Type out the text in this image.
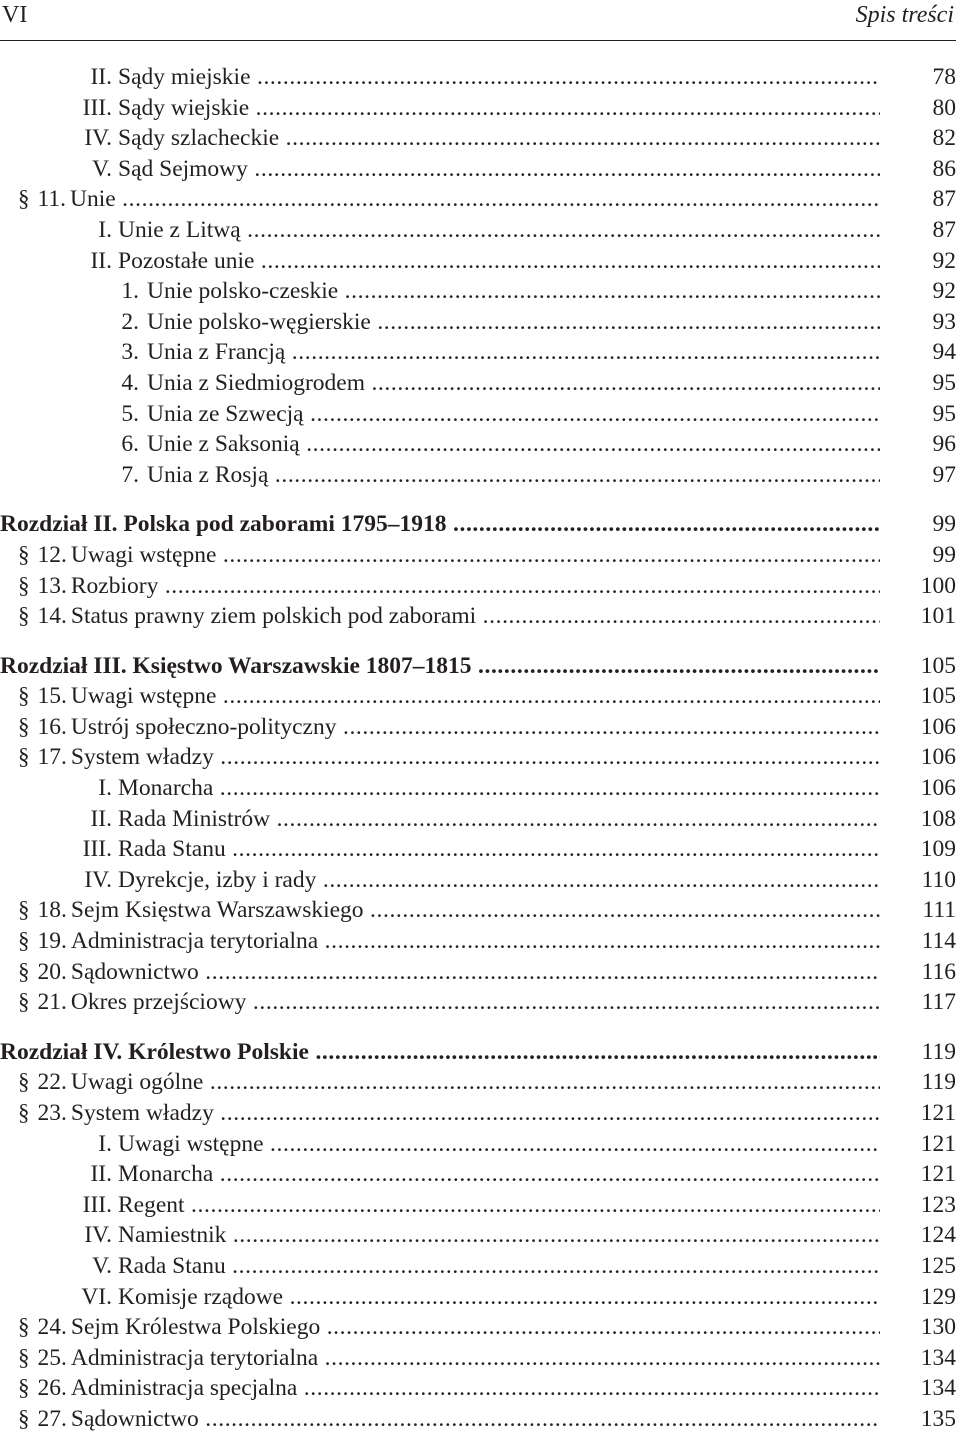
VI	Spis treści
II. Sądy miejskie .....	78
III. Sądy wiejskie .....	80
IV. Sądy szlacheckie .....	82
V. Sąd Sejmowy .....	86
§ 11. Unie .....	87
I. Unie z Litwą .....	87
II. Pozostałe unie .....	92
1. Unie polsko-czeskie .....	92
2. Unie polsko-węgierskie .....	93
3. Unia z Francją .....	94
4. Unia z Siedmiogrodem .....	95
5. Unia ze Szwecją .....	95
6. Unie z Saksonią .....	96
7. Unia z Rosją .....	97
Rozdział II. Polska pod zaborami 1795–1918 .....	99
§ 12. Uwagi wstępne .....	99
§ 13. Rozbiory .....	100
§ 14. Status prawny ziem polskich pod zaborami .....	101
Rozdział III. Księstwo Warszawskie 1807–1815 .....	105
§ 15. Uwagi wstępne .....	105
§ 16. Ustrój społeczno-polityczny .....	106
§ 17. System władzy .....	106
I. Monarcha .....	106
II. Rada Ministrów .....	108
III. Rada Stanu .....	109
IV. Dyrekcje, izby i rady .....	110
§ 18. Sejm Księstwa Warszawskiego .....	111
§ 19. Administracja terytorialna .....	114
§ 20. Sądownictwo .....	116
§ 21. Okres przejściowy .....	117
Rozdział IV. Królestwo Polskie .....	119
§ 22. Uwagi ogólne .....	119
§ 23. System władzy .....	121
I. Uwagi wstępne .....	121
II. Monarcha .....	121
III. Regent .....	123
IV. Namiestnik .....	124
V. Rada Stanu .....	125
VI. Komisje rządowe .....	129
§ 24. Sejm Królestwa Polskiego .....	130
§ 25. Administracja terytorialna .....	134
§ 26. Administracja specjalna .....	134
§ 27. Sądownictwo .....	135
